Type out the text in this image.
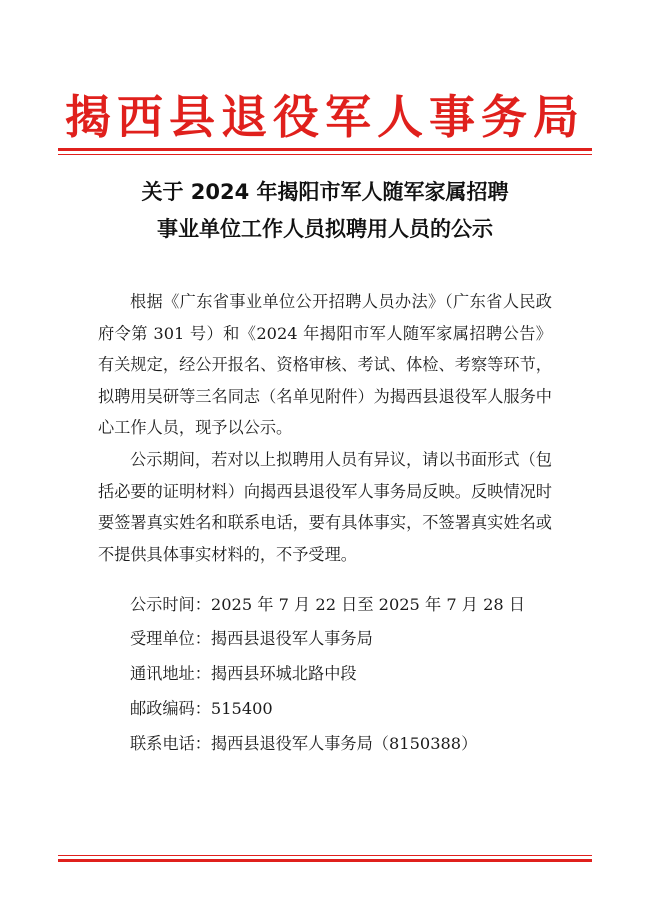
揭西县退役军人事务局
关于 2024 年揭阳市军人随军家属招聘
事业单位工作人员拟聘用人员的公示
根据《广东省事业单位公开招聘人员办法》（广东省人民政府令第 301 号）和《2024 年揭阳市军人随军家属招聘公告》有关规定，经公开报名、资格审核、考试、体检、考察等环节，拟聘用吴研等三名同志（名单见附件）为揭西县退役军人服务中心工作人员，现予以公示。
公示期间，若对以上拟聘用人员有异议，请以书面形式（包括必要的证明材料）向揭西县退役军人事务局反映。反映情况时要签署真实姓名和联系电话，要有具体事实，不签署真实姓名或不提供具体事实材料的，不予受理。
公示时间：2025 年 7 月 22 日至 2025 年 7 月 28 日
受理单位：揭西县退役军人事务局
通讯地址：揭西县环城北路中段
邮政编码：515400
联系电话：揭西县退役军人事务局（8150388）
